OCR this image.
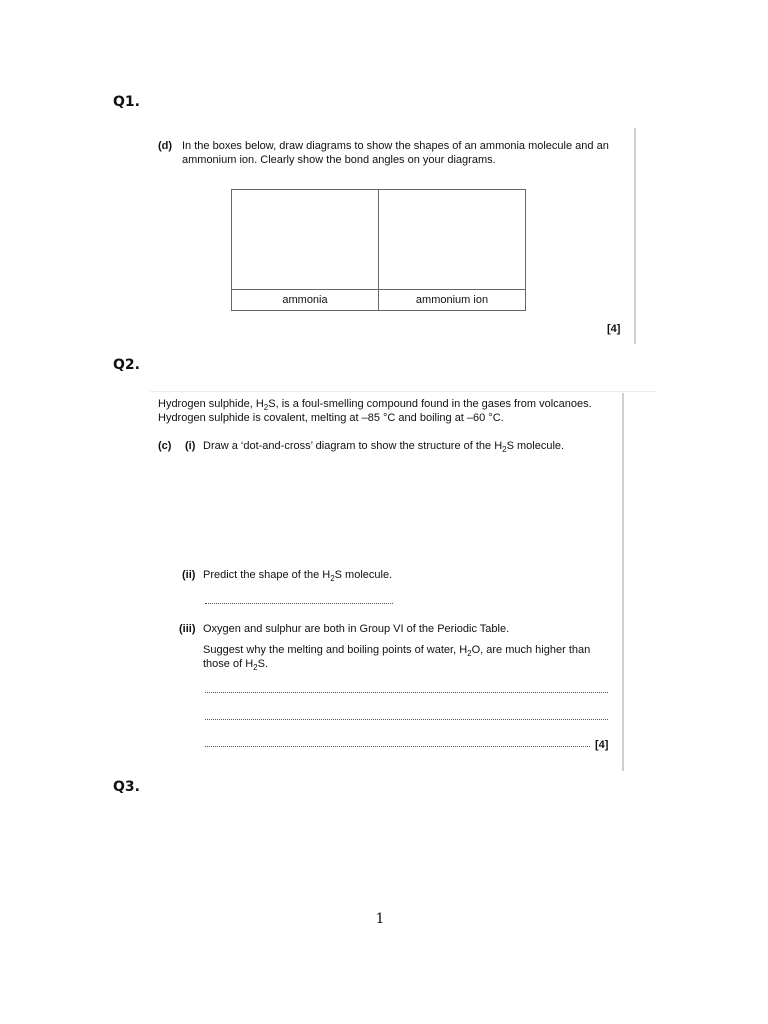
Q1.
(d) In the boxes below, draw diagrams to show the shapes of an ammonia molecule and an
ammonium ion. Clearly show the bond angles on your diagrams.
ammonia	ammonium ion
[4]
Q2.
Hydrogen sulphide, $H_2S$, is a foul-smelling compound found in the gases from volcanoes.
Hydrogen sulphide is covalent, melting at –85 °C and boiling at –60 °C.
(c) (i) Draw a ‘dot-and-cross’ diagram to show the structure of the $H_2S$ molecule.
(ii) Predict the shape of the $H_2S$ molecule.
(iii) Oxygen and sulphur are both in Group VI of the Periodic Table.
Suggest why the melting and boiling points of water, $H_2O$, are much higher than
those of $H_2S$.
[4]
Q3.
1
